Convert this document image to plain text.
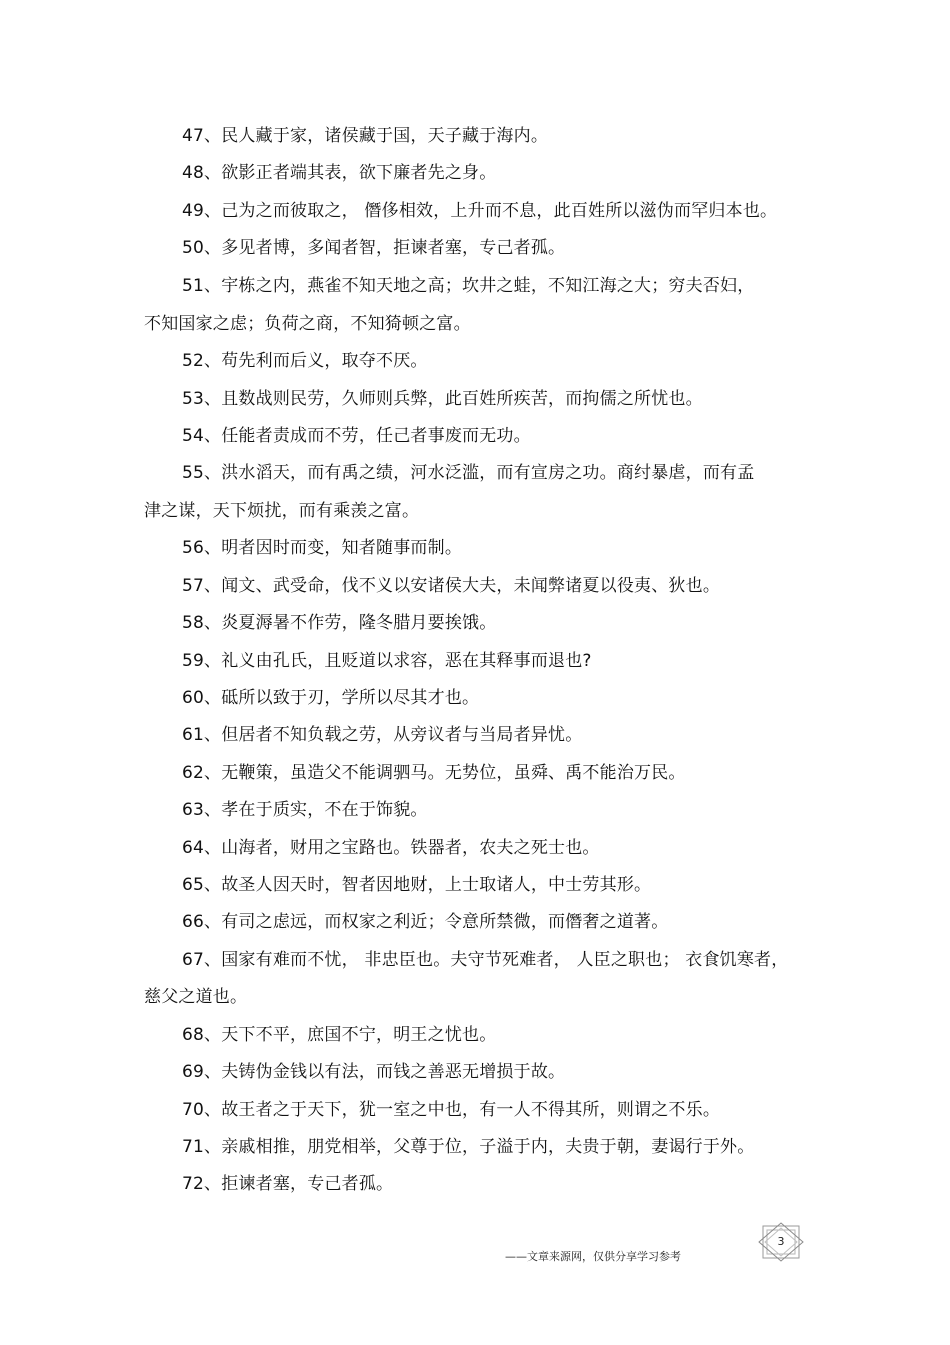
47、民人藏于家，诸侯藏于国，天子藏于海内。
48、欲影正者端其表，欲下廉者先之身。
49、己为之而彼取之， 僭侈相效，上升而不息，此百姓所以滋伪而罕归本也。
50、多见者博，多闻者智，拒谏者塞，专己者孤。
51、宇栋之内，燕雀不知天地之高；坎井之蛙，不知江海之大；穷夫否妇，
不知国家之虑；负荷之商，不知猗顿之富。
52、苟先利而后义，取夺不厌。
53、且数战则民劳，久师则兵弊，此百姓所疾苦，而拘儒之所忧也。
54、任能者责成而不劳，任己者事废而无功。
55、洪水滔天，而有禹之绩，河水泛滥，而有宣房之功。商纣暴虐，而有孟
津之谋，天下烦扰，而有乘羡之富。
56、明者因时而变，知者随事而制。
57、闻文、武受命，伐不义以安诸侯大夫，未闻弊诸夏以役夷、狄也。
58、炎夏溽暑不作劳，隆冬腊月要挨饿。
59、礼义由孔氏，且贬道以求容，恶在其释事而退也?
60、砥所以致于刃，学所以尽其才也。
61、但居者不知负载之劳，从旁议者与当局者异忧。
62、无鞭策，虽造父不能调驷马。无势位，虽舜、禹不能治万民。
63、孝在于质实，不在于饰貌。
64、山海者，财用之宝路也。铁器者，农夫之死士也。
65、故圣人因天时，智者因地财，上士取诸人，中士劳其形。
66、有司之虑远，而权家之利近；令意所禁微，而僭奢之道著。
67、国家有难而不忧， 非忠臣也。夫守节死难者， 人臣之职也； 衣食饥寒者，
慈父之道也。
68、天下不平，庶国不宁，明王之忧也。
69、夫铸伪金钱以有法，而钱之善恶无增损于故。
70、故王者之于天下，犹一室之中也，有一人不得其所，则谓之不乐。
71、亲戚相推，朋党相举，父尊于位，子溢于内，夫贵于朝，妻谒行于外。
72、拒谏者塞，专己者孤。
——文章来源网，仅供分享学习参考
3
